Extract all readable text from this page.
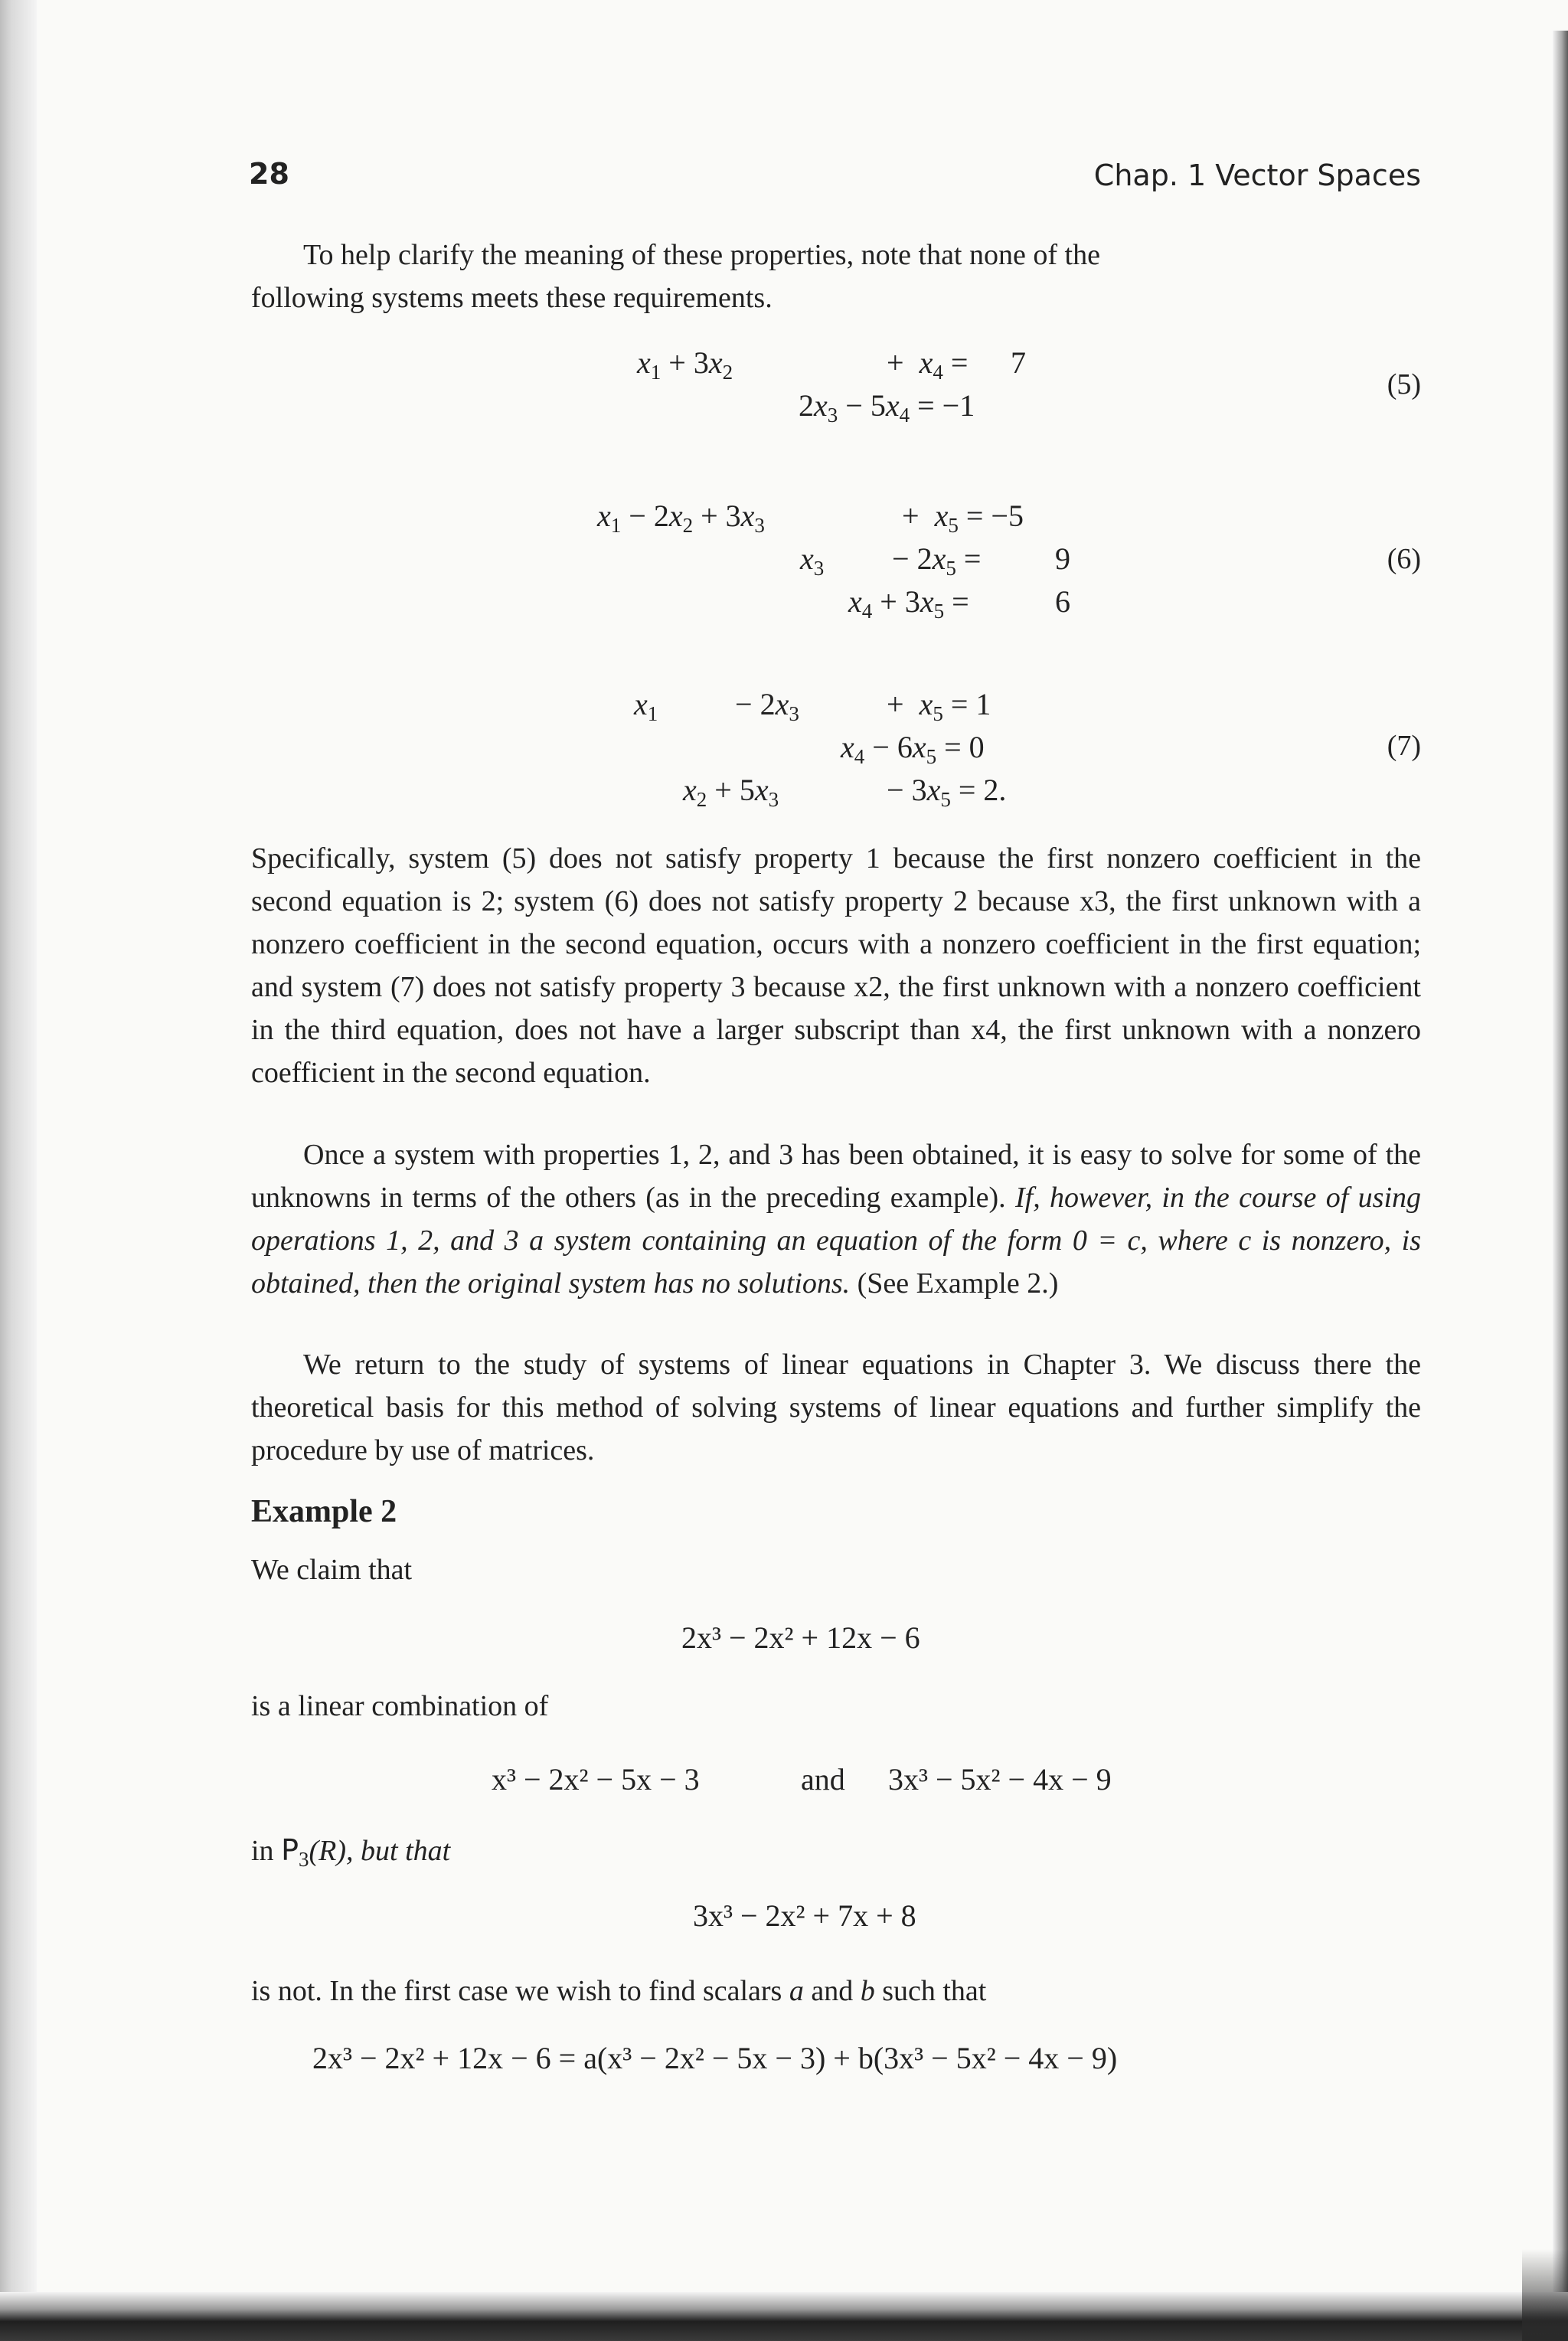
28	Chap. 1 Vector Spaces

To help clarify the meaning of these properties, note that none of the
following systems meets these requirements.

$x_1 + 3x_2$	+ $x_4 = 7$
$2x_3 - 5x_4 = -1$
(5)
$x_1 - 2x_2 + 3x_3$	+ $x_5 = -5$
$x_3 - 2x_5 = 9$
$x_4 + 3x_5$ =	6
(6)
$x_1$	− $2x_3$	+ $x_5 = 1$
$x_4 - 6x_5 = 0$
$x_2 + 5x_3$	− $3x_5 = 2$.
(7)

Specifically, system (5) does not satisfy property 1 because the first nonzero coefficient in the second equation is 2; system (6) does not satisfy property 2 because x3, the first unknown with a nonzero coefficient in the second equation, occurs with a nonzero coefficient in the first equation; and system (7) does not satisfy property 3 because x2, the first unknown with a nonzero coefficient in the third equation, does not have a larger subscript than x4, the first unknown with a nonzero coefficient in the second equation.

Once a system with properties 1, 2, and 3 has been obtained, it is easy to solve for some of the unknowns in terms of the others (as in the preceding example). If, however, in the course of using operations 1, 2, and 3 a system containing an equation of the form 0 = c, where c is nonzero, is obtained, then the original system has no solutions. (See Example 2.)

We return to the study of systems of linear equations in Chapter 3. We discuss there the theoretical basis for this method of solving systems of linear equations and further simplify the procedure by use of matrices.

Example 2
We claim that
2x³ − 2x² + 12x − 6
is a linear combination of
x³ − 2x² − 5x − 3	and 3x³ − 5x² − 4x − 9
in $P_3(R)$, but that
3x³ − 2x² + 7x + 8
is not. In the first case we wish to find scalars a and b such that
2x³ − 2x² + 12x − 6 = a(x³ − 2x² − 5x − 3) + b(3x³ − 5x² − 4x − 9)
